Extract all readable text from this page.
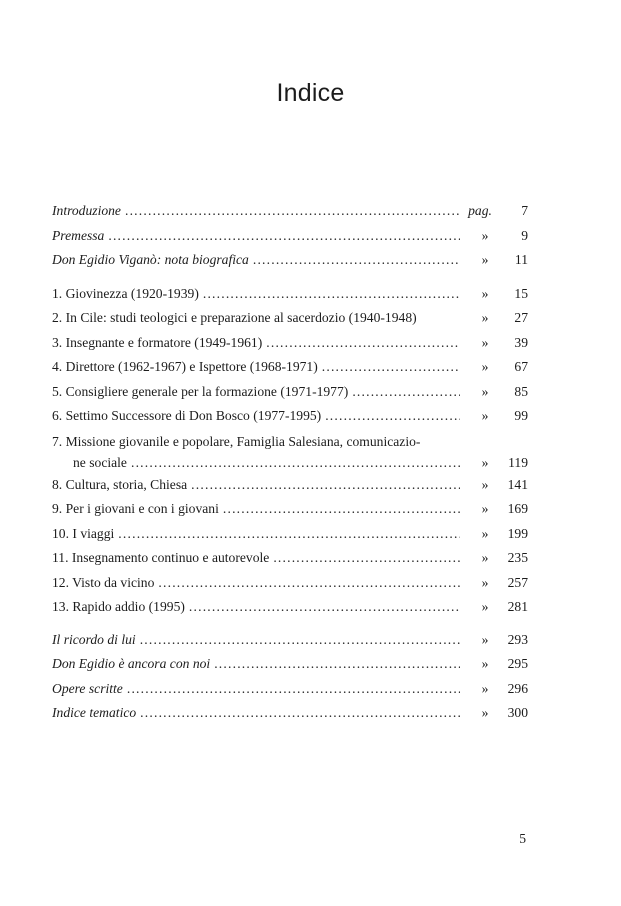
Indice
Introduzione .....	pag. 7
Premessa .....	»	9
Don Egidio Viganò: nota biografica .....	»	11
1. Giovinezza (1920-1939) .....	»	15
2. In Cile: studi teologici e preparazione al sacerdozio (1940-1948)	»	27
3. Insegnante e formatore (1949-1961) .....	»	39
4. Direttore (1962-1967) e Ispettore (1968-1971) .....	»	67
5. Consigliere generale per la formazione (1971-1977) .....	»	85
6. Settimo Successore di Don Bosco (1977-1995) .....	»	99
7. Missione giovanile e popolare, Famiglia Salesiana, comunicazio-
ne sociale .....	»	119
8. Cultura, storia, Chiesa .....	»	141
9. Per i giovani e con i giovani .....	»	169
10. I viaggi .....	»	199
11. Insegnamento continuo e autorevole .....	»	235
12. Visto da vicino .....	»	257
13. Rapido addio (1995) .....	»	281
Il ricordo di lui .....	»	293
Don Egidio è ancora con noi .....	»	295
Opere scritte .....	»	296
Indice tematico .....	»	300
5
